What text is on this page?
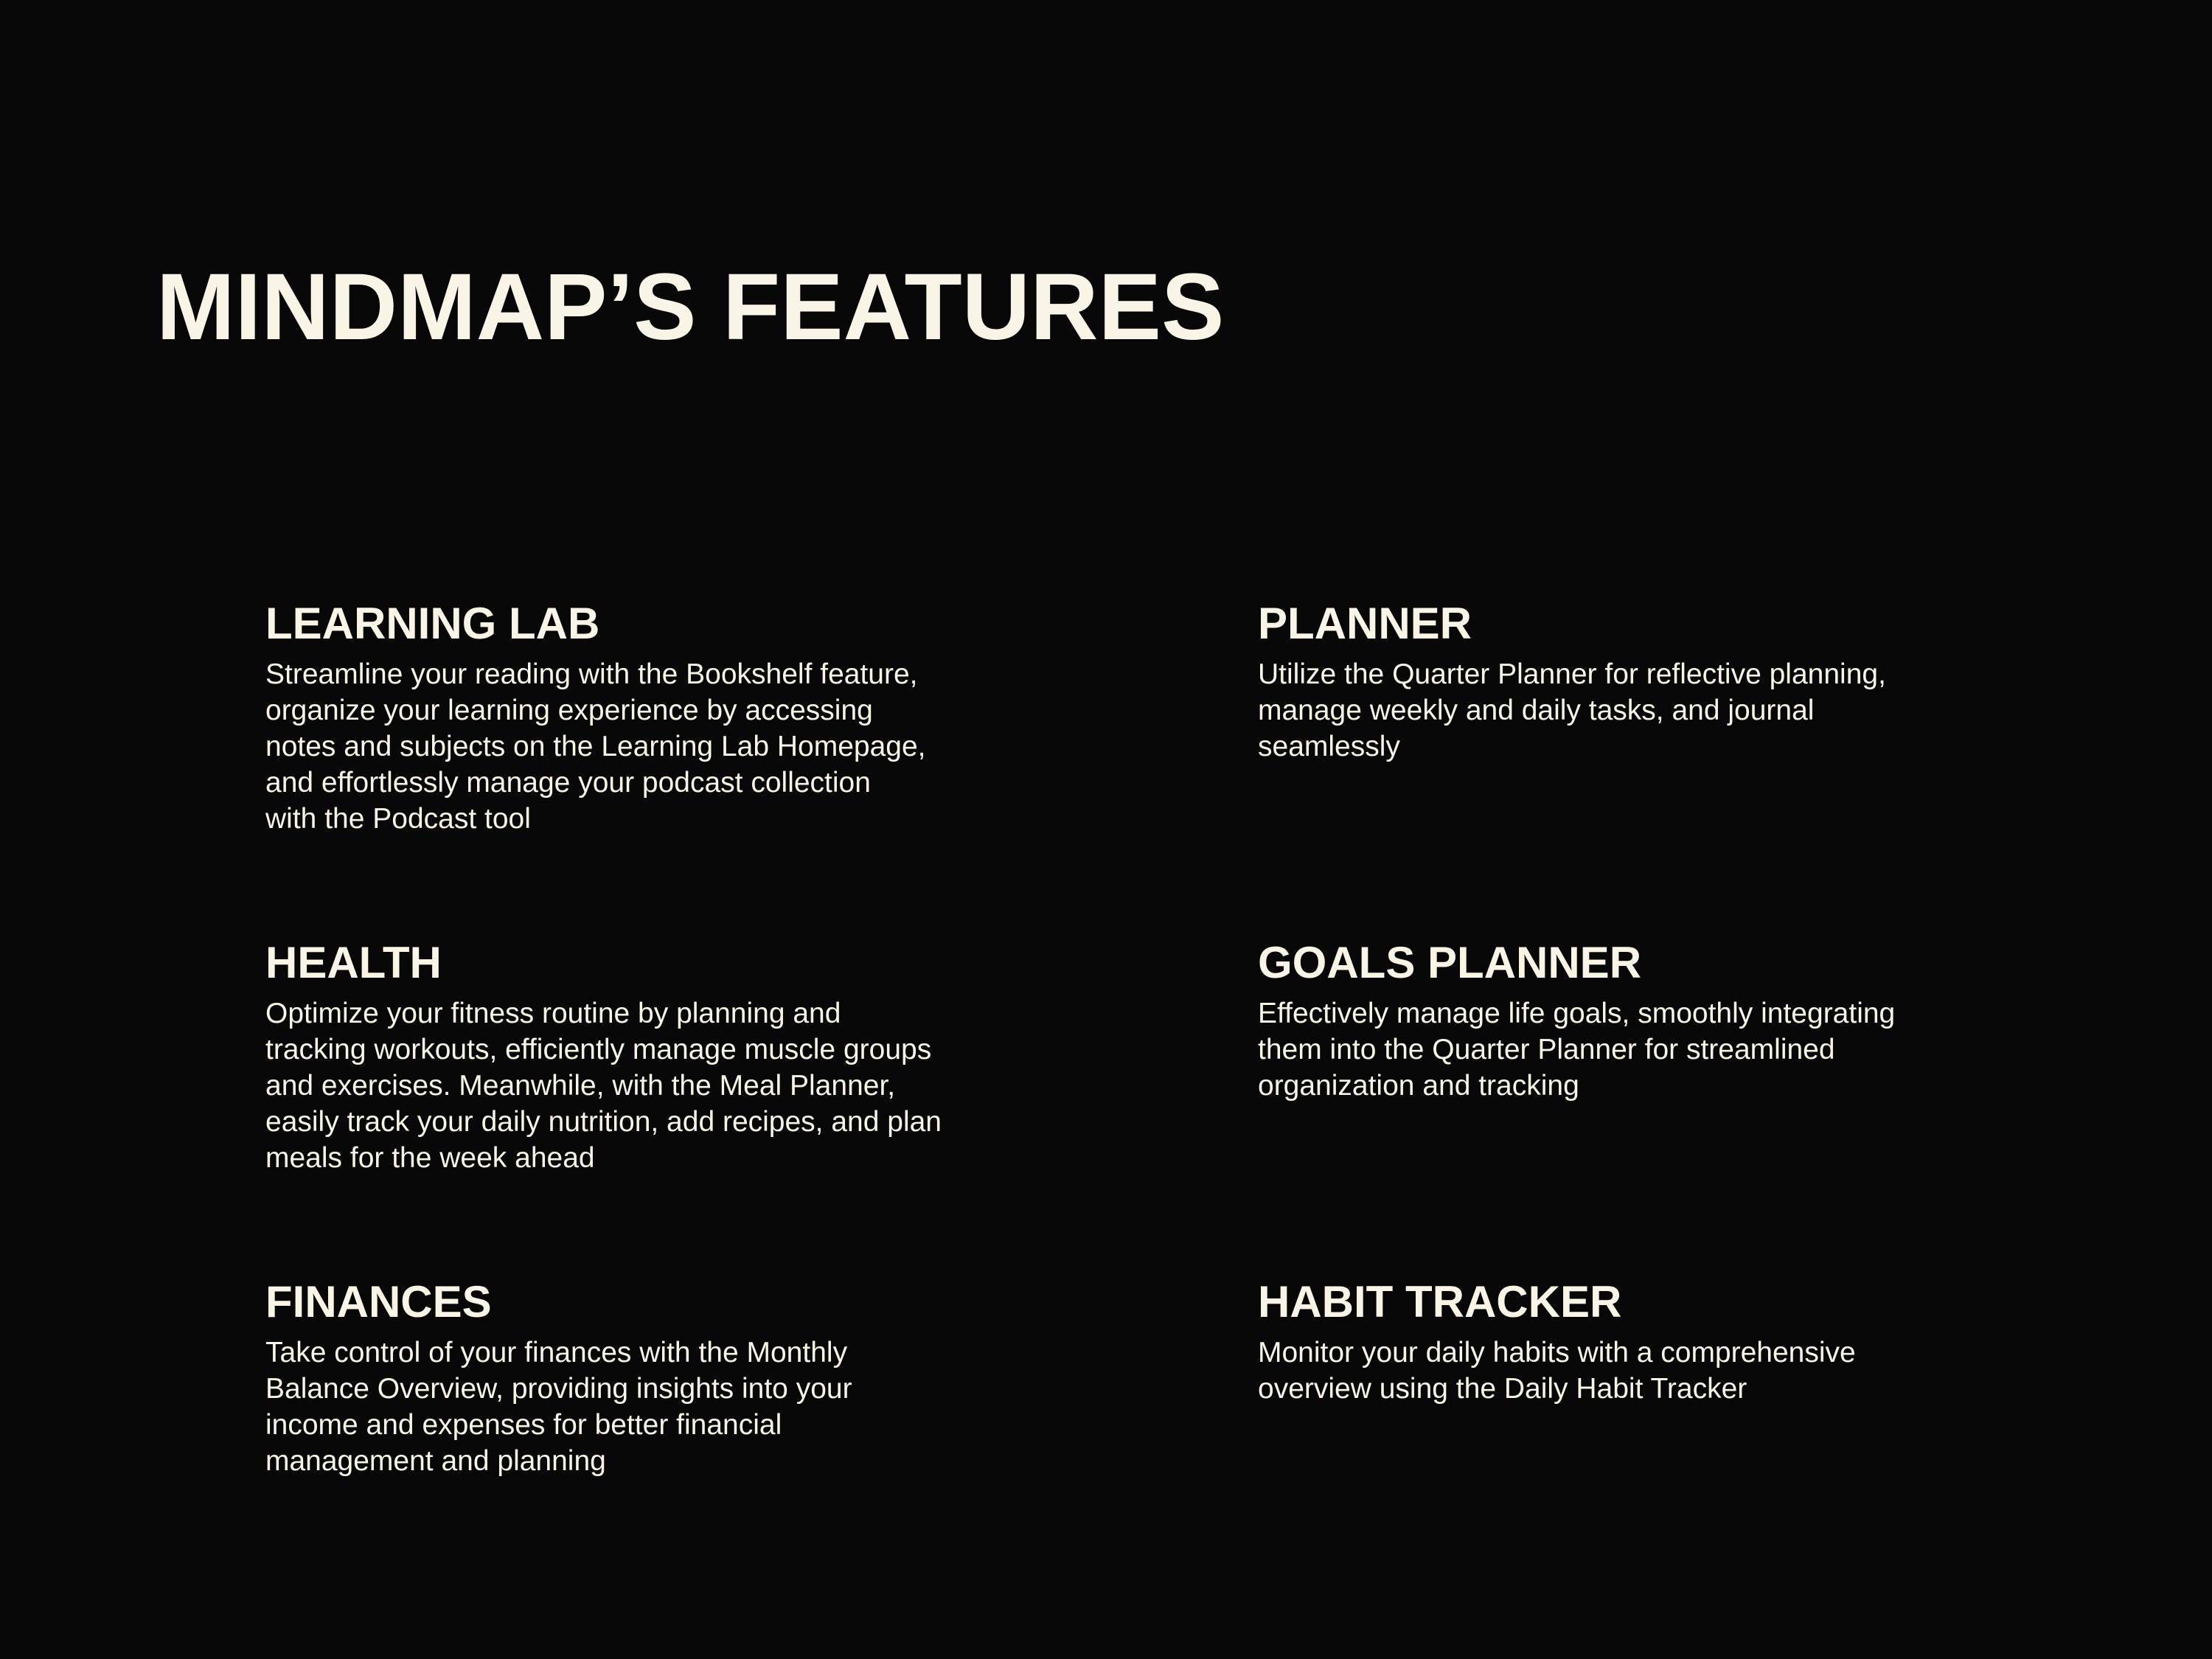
MINDMAP’S FEATURES
LEARNING LAB

Streamline your reading with the Bookshelf feature,
organize your learning experience by accessing
notes and subjects on the Learning Lab Homepage,
and effortlessly manage your podcast collection
with the Podcast tool

PLANNER

Utilize the Quarter Planner for reflective planning,
manage weekly and daily tasks, and journal
seamlessly

HEALTH

Optimize your fitness routine by planning and
tracking workouts, efficiently manage muscle groups
and exercises. Meanwhile, with the Meal Planner,
easily track your daily nutrition, add recipes, and plan
meals for the week ahead

GOALS PLANNER

Effectively manage life goals, smoothly integrating
them into the Quarter Planner for streamlined
organization and tracking

FINANCES

Take control of your finances with the Monthly
Balance Overview, providing insights into your
income and expenses for better financial
management and planning

HABIT TRACKER

Monitor your daily habits with a comprehensive
overview using the Daily Habit Tracker
